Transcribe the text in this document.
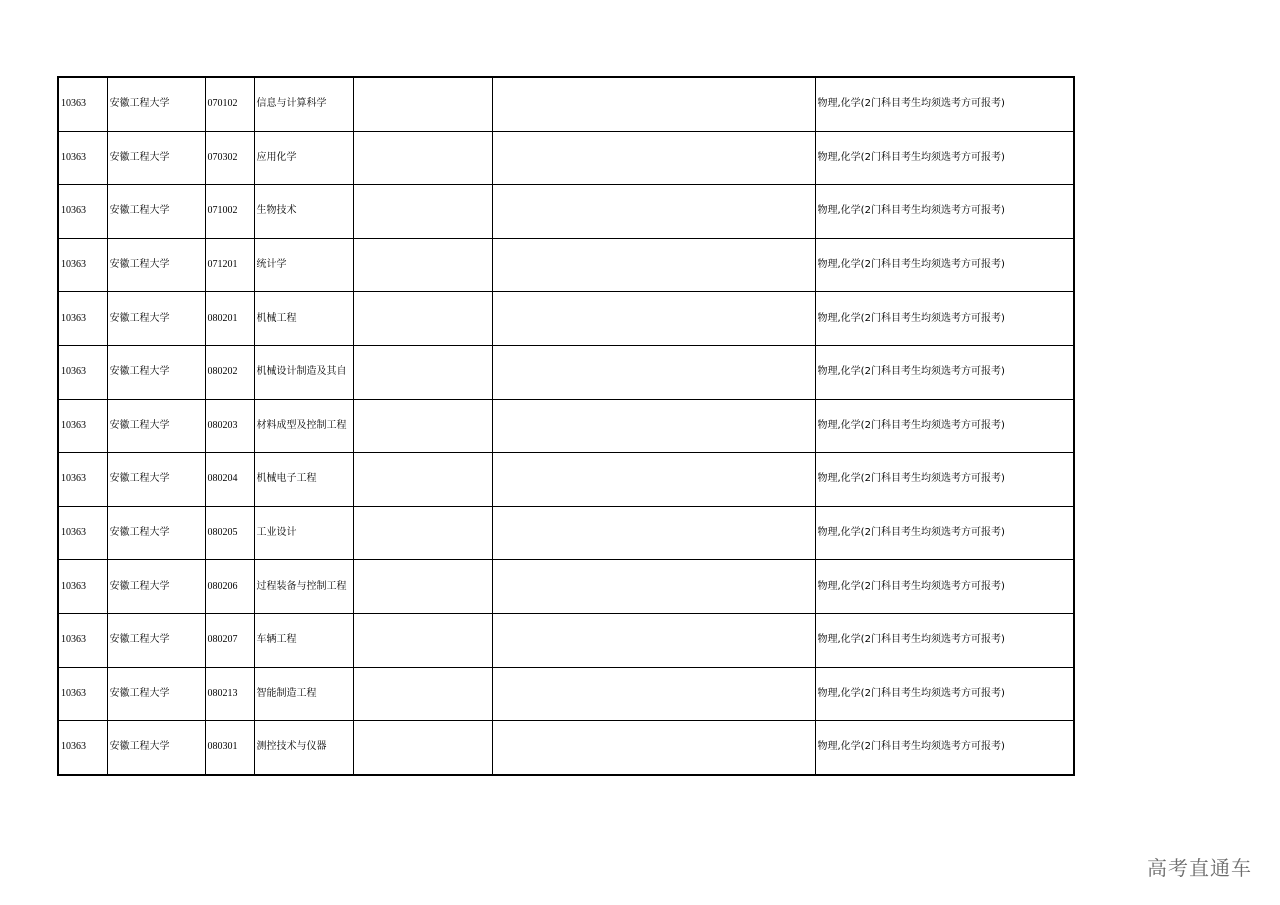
10363	安徽工程大学	070102	信息与计算科学			物理,化学(2门科目考生均须选考方可报考)
10363	安徽工程大学	070302	应用化学			物理,化学(2门科目考生均须选考方可报考)
10363	安徽工程大学	071002	生物技术			物理,化学(2门科目考生均须选考方可报考)
10363	安徽工程大学	071201	统计学			物理,化学(2门科目考生均须选考方可报考)
10363	安徽工程大学	080201	机械工程			物理,化学(2门科目考生均须选考方可报考)
10363	安徽工程大学	080202	机械设计制造及其自			物理,化学(2门科目考生均须选考方可报考)
10363	安徽工程大学	080203	材料成型及控制工程			物理,化学(2门科目考生均须选考方可报考)
10363	安徽工程大学	080204	机械电子工程			物理,化学(2门科目考生均须选考方可报考)
10363	安徽工程大学	080205	工业设计			物理,化学(2门科目考生均须选考方可报考)
10363	安徽工程大学	080206	过程装备与控制工程			物理,化学(2门科目考生均须选考方可报考)
10363	安徽工程大学	080207	车辆工程			物理,化学(2门科目考生均须选考方可报考)
10363	安徽工程大学	080213	智能制造工程			物理,化学(2门科目考生均须选考方可报考)
10363	安徽工程大学	080301	测控技术与仪器			物理,化学(2门科目考生均须选考方可报考)
高考直通车
